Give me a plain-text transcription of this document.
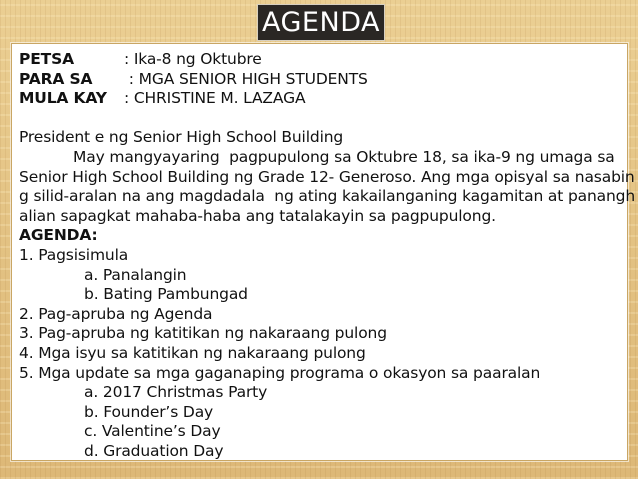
AGENDA
PETSA	: Ika-8 ng Oktubre
PARA SA : MGA SENIOR HIGH STUDENTS
MULA KAY : CHRISTINE M. LAZAGA
President e ng Senior High School Building
May mangyayaring  pagpupulong sa Oktubre 18, sa ika-9 ng umaga sa
Senior High School Building ng Grade 12- Generoso. Ang mga opisyal sa nasabin
g silid-aralan na ang magdadala  ng ating kakailanganing kagamitan at panangh
alian sapagkat mahaba-haba ang tatalakayin sa pagpupulong.
AGENDA:
1. Pagsisimula
a. Panalangin
b. Bating Pambungad
2. Pag-apruba ng Agenda
3. Pag-apruba ng katitikan ng nakaraang pulong
4. Mga isyu sa katitikan ng nakaraang pulong
5. Mga update sa mga gaganaping programa o okasyon sa paaralan
a. 2017 Christmas Party
b. Founder’s Day
c. Valentine’s Day
d. Graduation Day
